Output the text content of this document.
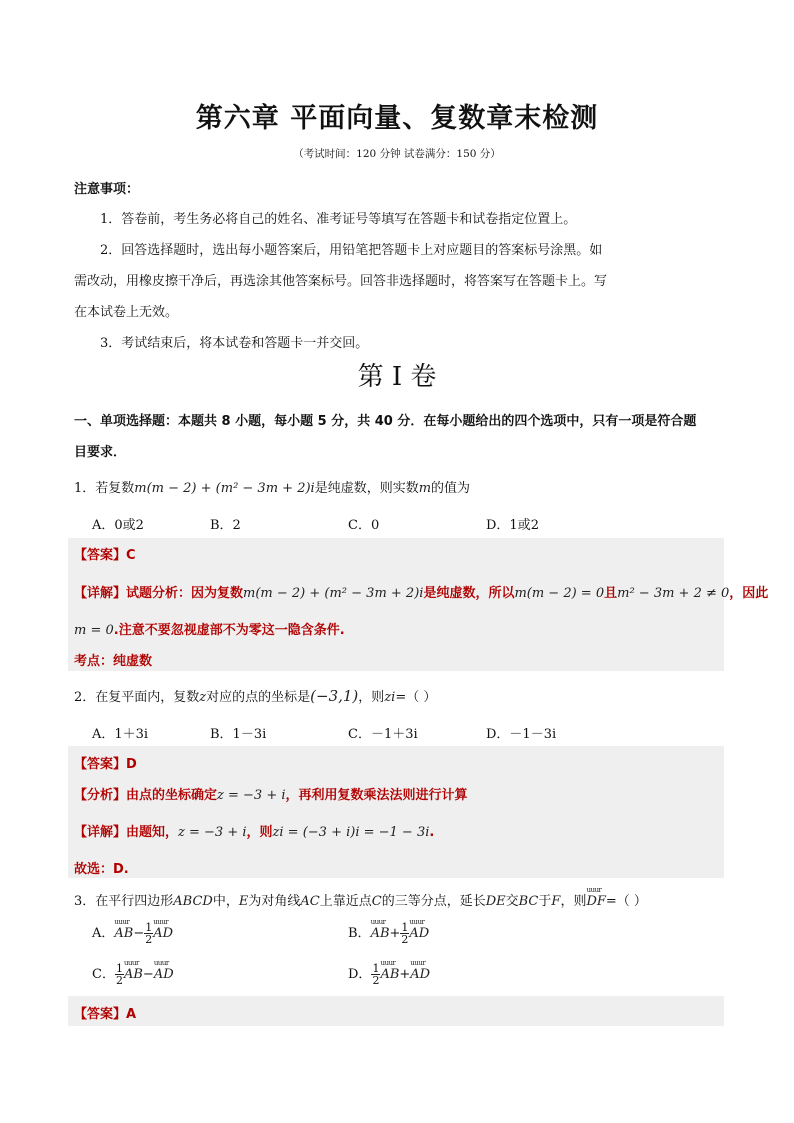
第六章 平面向量、复数章末检测
（考试时间：120 分钟 试卷满分：150 分）
注意事项：
1．答卷前，考生务必将自己的姓名、准考证号等填写在答题卡和试卷指定位置上。
2．回答选择题时，选出每小题答案后，用铅笔把答题卡上对应题目的答案标号涂黑。如
需改动，用橡皮擦干净后，再选涂其他答案标号。回答非选择题时，将答案写在答题卡上。写
在本试卷上无效。
3．考试结束后，将本试卷和答题卡一并交回。
第 I 卷
一、单项选择题：本题共 8 小题，每小题 5 分，共 40 分．在每小题给出的四个选项中，只有一项是符合题
目要求．
1．若复数m(m − 2) + (m² − 3m + 2)i是纯虚数，则实数m的值为
A．0或2	B．2	C．0	D．1或2
【答案】C
【详解】试题分析：因为复数m(m − 2) + (m² − 3m + 2)i是纯虚数，所以m(m − 2) = 0且m² − 3m + 2 ≠ 0，因此
m = 0.注意不要忽视虚部不为零这一隐含条件.
考点：纯虚数
2．在复平面内，复数z对应的点的坐标是(−3,1)，则zi=（ ）
A．1＋3i	B．1－3i	C．－1＋3i	D．－1－3i
【答案】D
【分析】由点的坐标确定z = −3 + i，再利用复数乘法法则进行计算
【详解】由题知，z = −3 + i，则zi = (−3 + i)i = −1 − 3i.
故选：D.
3．在平行四边形ABCD中，E为对角线AC上靠近点C的三等分点，延长DE交BC于F，则uuur DF=（ ）
A．uuur $AB- \frac{1}{2}$ uuur AD	B．uuur $AB+ \frac{1}{2}$ uuur AD
C． $\frac{1}{2}$ uuur AB−uuur AD	D． $\frac{1}{2}$ uuur AB+uuur AD
【答案】A
